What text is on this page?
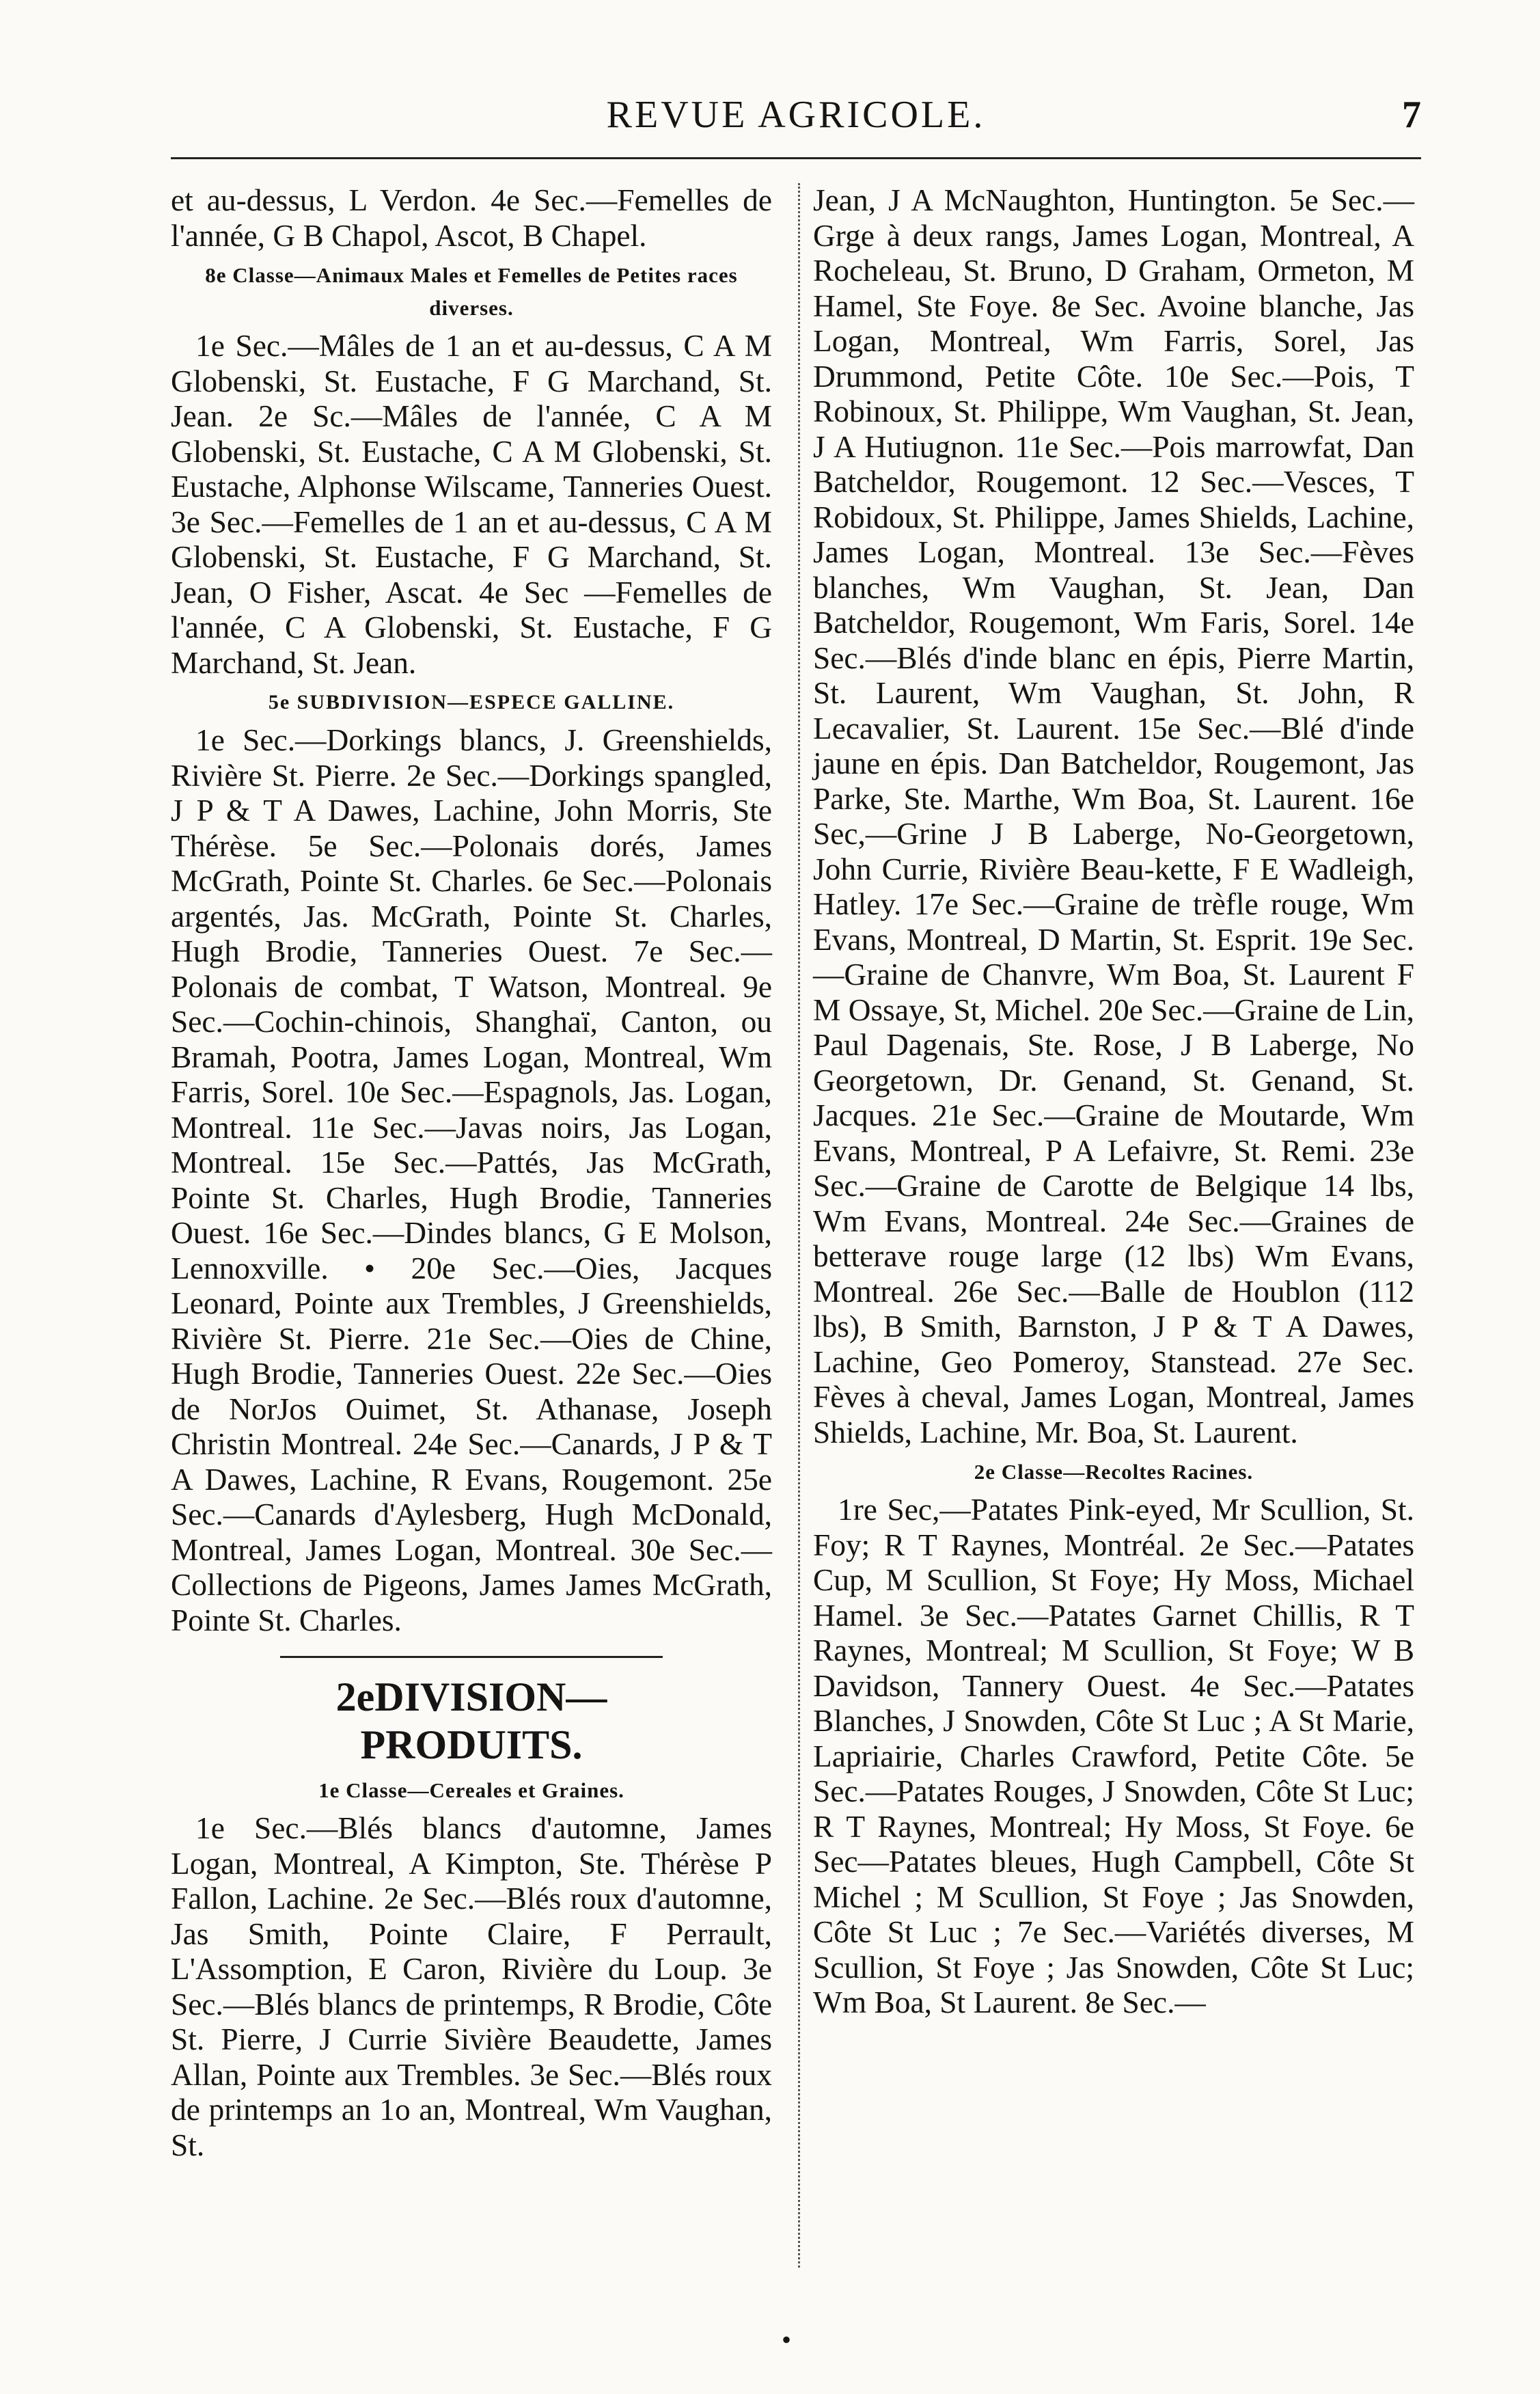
REVUE AGRICOLE.	7

et au-dessus, L Verdon. 4e Sec.—Femelles de l'année, G B Chapol, Ascot, B Chapel.

8e Classe—Animaux Males et Femelles de Petites races diverses.

1e Sec.—Mâles de 1 an et au-dessus, C A M Globenski, St. Eustache, F G Marchand, St. Jean. 2e Sc.—Mâles de l'année, C A M Globenski, St. Eustache, C A M Globenski, St. Eustache, Alphonse Wilscame, Tanneries Ouest. 3e Sec.—Femelles de 1 an et au-dessus, C A M Globenski, St. Eustache, F G Marchand, St. Jean, O Fisher, Ascat. 4e Sec —Femelles de l'année, C A Globenski, St. Eustache, F G Marchand, St. Jean.

5e SUBDIVISION—ESPECE GALLINE.

1e Sec.—Dorkings blancs, J. Greenshields, Rivière St. Pierre. 2e Sec.—Dorkings spangled, J P & T A Dawes, Lachine, John Morris, Ste Thérèse. 5e Sec.—Polonais dorés, James McGrath, Pointe St. Charles. 6e Sec.—Polonais argentés, Jas. McGrath, Pointe St. Charles, Hugh Brodie, Tanneries Ouest. 7e Sec.—Polonais de combat, T Watson, Montreal. 9e Sec.—Cochin-chinois, Shanghaï, Canton, ou Bramah, Pootra, James Logan, Montreal, Wm Farris, Sorel. 10e Sec.—Espagnols, Jas. Logan, Montreal. 11e Sec.—Javas noirs, Jas Logan, Montreal. 15e Sec.—Pattés, Jas McGrath, Pointe St. Charles, Hugh Brodie, Tanneries Ouest. 16e Sec.—Dindes blancs, G E Molson, Lennoxville. • 20e Sec.—Oies, Jacques Leonard, Pointe aux Trembles, J Greenshields, Rivière St. Pierre. 21e Sec.—Oies de Chine, Hugh Brodie, Tanneries Ouest. 22e Sec.—Oies de NorJos Ouimet, St. Athanase, Joseph Christin Montreal. 24e Sec.—Canards, J P & T A Dawes, Lachine, R Evans, Rougemont. 25e Sec.—Canards d'Aylesberg, Hugh McDonald, Montreal, James Logan, Montreal. 30e Sec.—Collections de Pigeons, James James McGrath, Pointe St. Charles.

2eDIVISION—PRODUITS.
1e Classe—Cereales et Graines.

1e Sec.—Blés blancs d'automne, James Logan, Montreal, A Kimpton, Ste. Thérèse P Fallon, Lachine. 2e Sec.—Blés roux d'automne, Jas Smith, Pointe Claire, F Perrault, L'Assomption, E Caron, Rivière du Loup. 3e Sec.—Blés blancs de printemps, R Brodie, Côte St. Pierre, J Currie Sivière Beaudette, James Allan, Pointe aux Trembles. 3e Sec.—Blés roux de printemps an 1o an, Montreal, Wm Vaughan, St.

Jean, J A McNaughton, Huntington. 5e Sec.—Grge à deux rangs, James Logan, Montreal, A Rocheleau, St. Bruno, D Graham, Ormeton, M Hamel, Ste Foye. 8e Sec. Avoine blanche, Jas Logan, Montreal, Wm Farris, Sorel, Jas Drummond, Petite Côte. 10e Sec.—Pois, T Robinoux, St. Philippe, Wm Vaughan, St. Jean, J A Hutiugnon. 11e Sec.—Pois marrowfat, Dan Batcheldor, Rougemont. 12 Sec.—Vesces, T Robidoux, St. Philippe, James Shields, Lachine, James Logan, Montreal. 13e Sec.—Fèves blanches, Wm Vaughan, St. Jean, Dan Batcheldor, Rougemont, Wm Faris, Sorel. 14e Sec.—Blés d'inde blanc en épis, Pierre Martin, St. Laurent, Wm Vaughan, St. John, R Lecavalier, St. Laurent. 15e Sec.—Blé d'inde jaune en épis. Dan Batcheldor, Rougemont, Jas Parke, Ste. Marthe, Wm Boa, St. Laurent. 16e Sec,—Grine J B Laberge, No-Georgetown, John Currie, Rivière Beau-kette, F E Wadleigh, Hatley. 17e Sec.—Graine de trèfle rouge, Wm Evans, Montreal, D Martin, St. Esprit. 19e Sec.—Graine de Chanvre, Wm Boa, St. Laurent F M Ossaye, St, Michel. 20e Sec.—Graine de Lin, Paul Dagenais, Ste. Rose, J B Laberge, No Georgetown, Dr. Genand, St. Genand, St. Jacques. 21e Sec.—Graine de Moutarde, Wm Evans, Montreal, P A Lefaivre, St. Remi. 23e Sec.—Graine de Carotte de Belgique 14 lbs, Wm Evans, Montreal. 24e Sec.—Graines de betterave rouge large (12 lbs) Wm Evans, Montreal. 26e Sec.—Balle de Houblon (112 lbs), B Smith, Barnston, J P & T A Dawes, Lachine, Geo Pomeroy, Stanstead. 27e Sec. Fèves à cheval, James Logan, Montreal, James Shields, Lachine, Mr. Boa, St. Laurent.

2e Classe—Recoltes Racines.

1re Sec,—Patates Pink-eyed, Mr Scullion, St. Foy; R T Raynes, Montréal. 2e Sec.—Patates Cup, M Scullion, St Foye; Hy Moss, Michael Hamel. 3e Sec.—Patates Garnet Chillis, R T Raynes, Montreal; M Scullion, St Foye; W B Davidson, Tannery Ouest. 4e Sec.—Patates Blanches, J Snowden, Côte St Luc ; A St Marie, Lapriairie, Charles Crawford, Petite Côte. 5e Sec.—Patates Rouges, J Snowden, Côte St Luc; R T Raynes, Montreal; Hy Moss, St Foye. 6e Sec—Patates bleues, Hugh Campbell, Côte St Michel ; M Scullion, St Foye ; Jas Snowden, Côte St Luc ; 7e Sec.—Variétés diverses, M Scullion, St Foye ; Jas Snowden, Côte St Luc; Wm Boa, St Laurent. 8e Sec.—

•
